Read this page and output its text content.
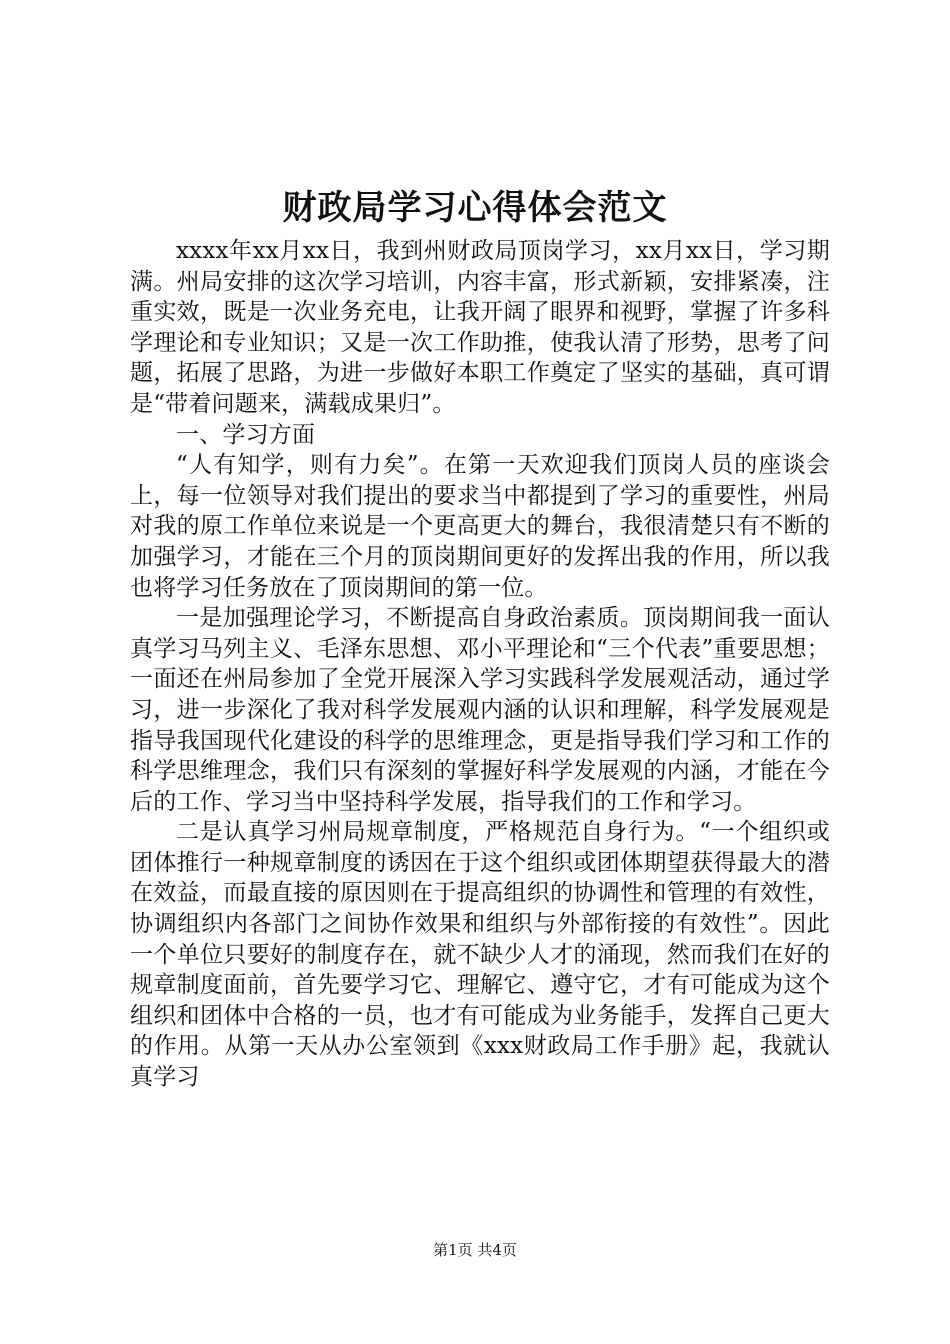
财政局学习心得体会范文

xxxx年xx月xx日，我到州财政局顶岗学习，xx月xx日，学习期满。州局安排的这次学习培训，内容丰富，形式新颖，安排紧凑，注重实效，既是一次业务充电，让我开阔了眼界和视野，掌握了许多科学理论和专业知识；又是一次工作助推，使我认清了形势，思考了问题，拓展了思路，为进一步做好本职工作奠定了坚实的基础，真可谓是“带着问题来，满载成果归”。

一、学习方面

“人有知学，则有力矣”。在第一天欢迎我们顶岗人员的座谈会上，每一位领导对我们提出的要求当中都提到了学习的重要性，州局对我的原工作单位来说是一个更高更大的舞台，我很清楚只有不断的加强学习，才能在三个月的顶岗期间更好的发挥出我的作用，所以我也将学习任务放在了顶岗期间的第一位。

一是加强理论学习，不断提高自身政治素质。顶岗期间我一面认真学习马列主义、毛泽东思想、邓小平理论和“三个代表”重要思想；一面还在州局参加了全党开展深入学习实践科学发展观活动，通过学习，进一步深化了我对科学发展观内涵的认识和理解，科学发展观是指导我国现代化建设的科学的思维理念，更是指导我们学习和工作的科学思维理念，我们只有深刻的掌握好科学发展观的内涵，才能在今后的工作、学习当中坚持科学发展，指导我们的工作和学习。

二是认真学习州局规章制度，严格规范自身行为。“一个组织或团体推行一种规章制度的诱因在于这个组织或团体期望获得最大的潜在效益，而最直接的原因则在于提高组织的协调性和管理的有效性，协调组织内各部门之间协作效果和组织与外部衔接的有效性”。因此一个单位只要好的制度存在，就不缺少人才的涌现，然而我们在好的规章制度面前，首先要学习它、理解它、遵守它，才有可能成为这个组织和团体中合格的一员，也才有可能成为业务能手，发挥自己更大的作用。从第一天从办公室领到《xxx财政局工作手册》起，我就认真学习

第1页 共4页
